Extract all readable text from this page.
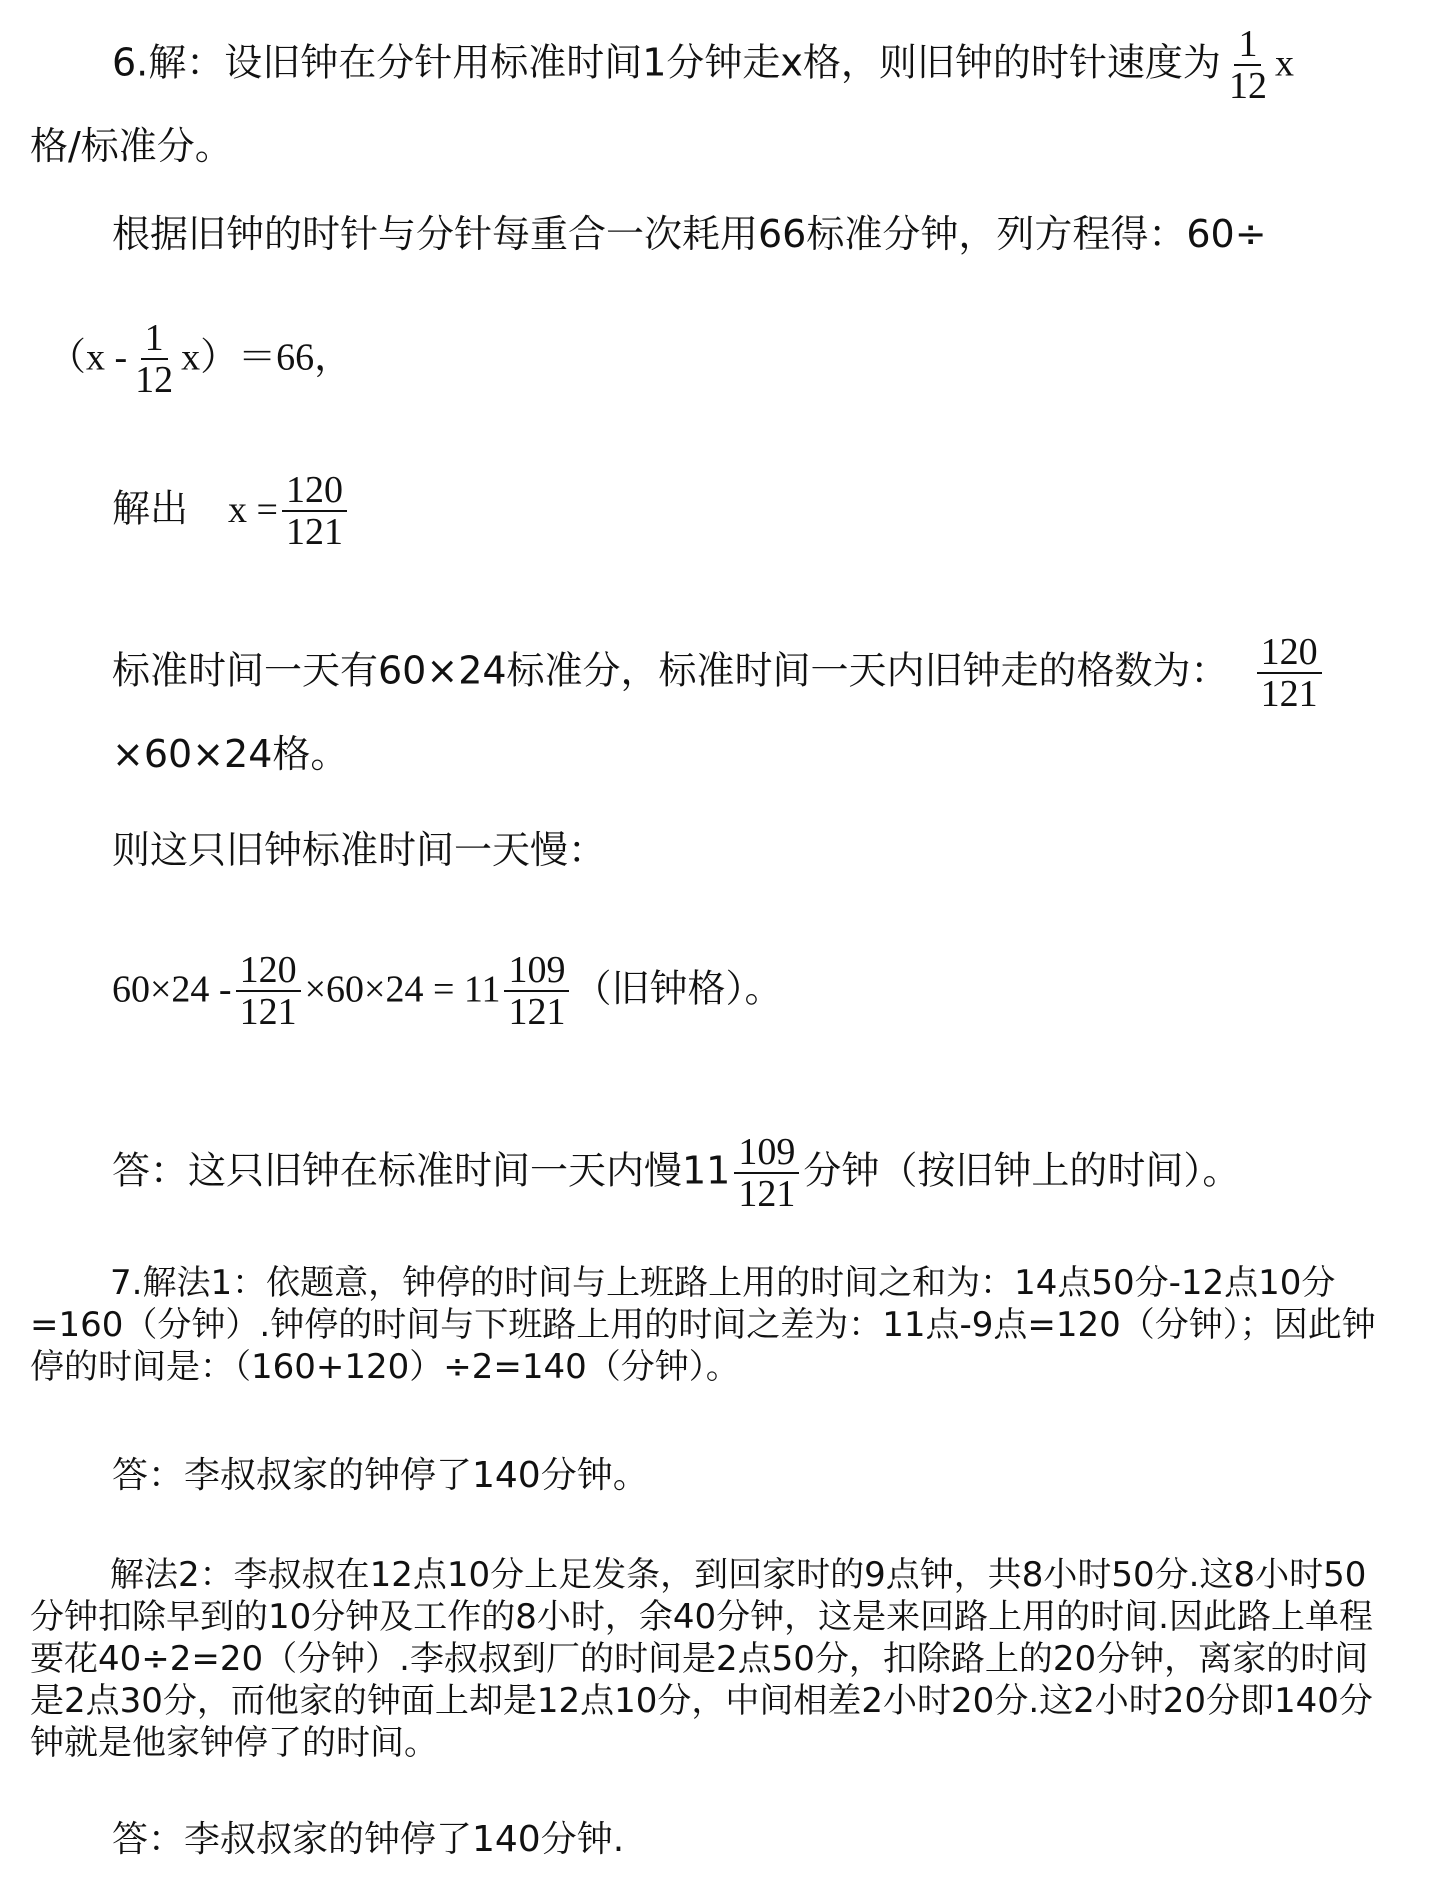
6.解：设旧钟在分针用标准时间1分钟走x格，则旧钟的时针速度为 $\frac{1}{12}$ x
格/标准分。
根据旧钟的时针与分针每重合一次耗用66标准分钟，列方程得：60÷
$(x - \frac{1}{12} x)=66$，
解出 $x = \frac{120}{121}$
标准时间一天有60×24标准分，标准时间一天内旧钟走的格数为： $\frac{120}{121}$
×60×24格。
则这只旧钟标准时间一天慢：
$60\times 24 - \frac{120}{121} \times 60\times 24 = 11 \frac{109}{121}$ （旧钟格）。
答：这只旧钟在标准时间一天内慢$11 \frac{109}{121}$ 分钟（按旧钟上的时间）。
7.解法1：依题意，钟停的时间与上班路上用的时间之和为：14点50分-12点10分=160（分钟）.钟停的时间与下班路上用的时间之差为：11点-9点=120（分钟）；因此钟停的时间是：（160+120）÷2=140（分钟）。
答：李叔叔家的钟停了140分钟。
解法2：李叔叔在12点10分上足发条，到回家时的9点钟，共8小时50分.这8小时50分钟扣除早到的10分钟及工作的8小时，余40分钟，这是来回路上用的时间.因此路上单程要花40÷2=20（分钟）.李叔叔到厂的时间是2点50分，扣除路上的20分钟，离家的时间是2点30分，而他家的钟面上却是12点10分，中间相差2小时20分.这2小时20分即140分钟就是他家钟停了的时间。
答：李叔叔家的钟停了140分钟.
